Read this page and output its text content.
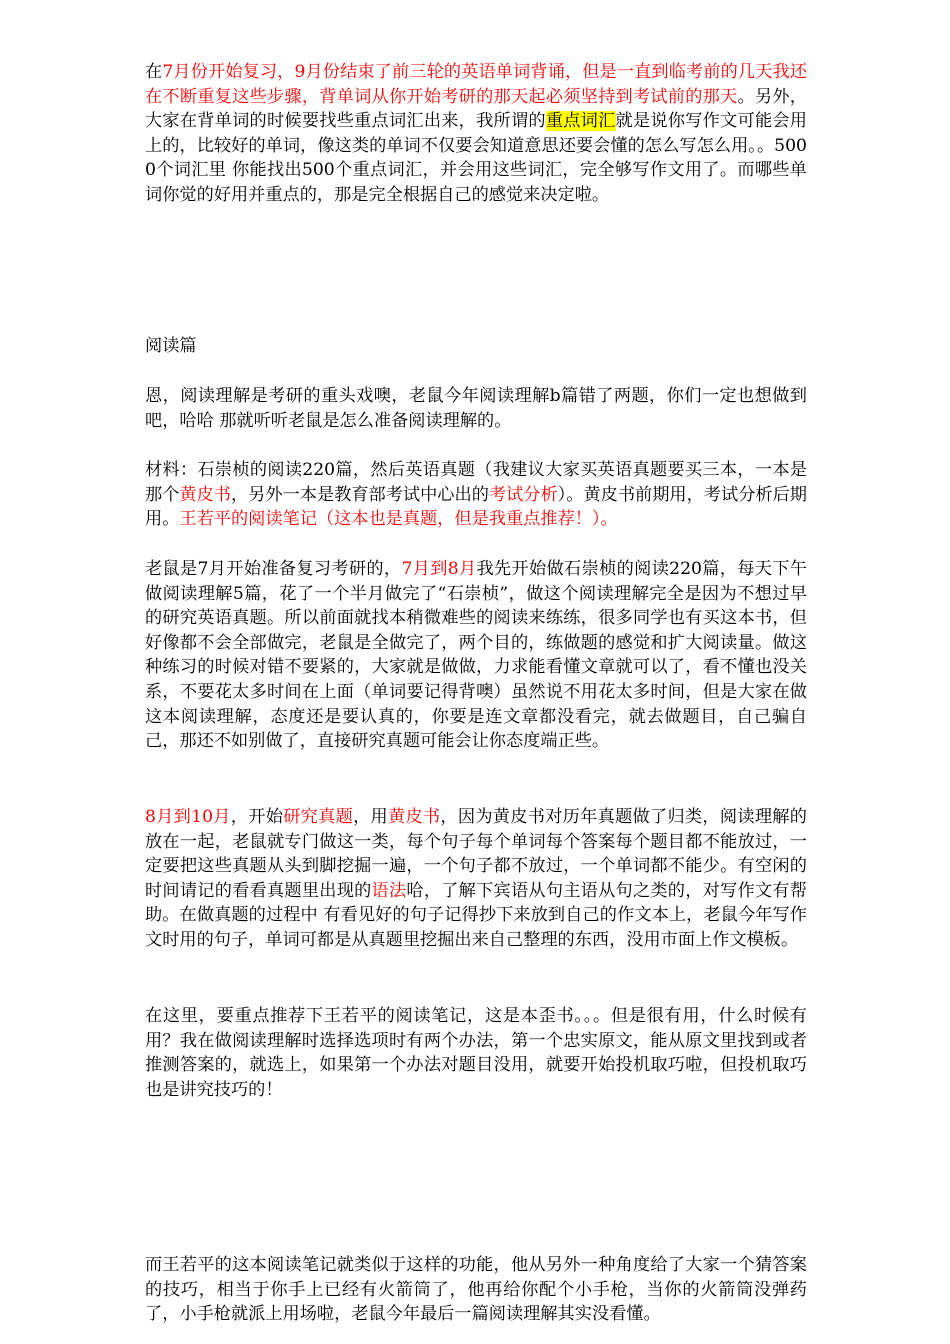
在7月份开始复习，9月份结束了前三轮的英语单词背诵，但是一直到临考前的几天我还在不断重复这些步骤，背单词从你开始考研的那天起必须坚持到考试前的那天。另外，大家在背单词的时候要找些重点词汇出来，我所谓的重点词汇就是说你写作文可能会用上的，比较好的单词，像这类的单词不仅要会知道意思还要会懂的怎么写怎么用。。5000个词汇里 你能找出500个重点词汇，并会用这些词汇，完全够写作文用了。而哪些单词你觉的好用并重点的，那是完全根据自己的感觉来决定啦。

阅读篇

恩，阅读理解是考研的重头戏噢，老鼠今年阅读理解b篇错了两题，你们一定也想做到吧，哈哈 那就听听老鼠是怎么准备阅读理解的。

材料：石崇桢的阅读220篇，然后英语真题（我建议大家买英语真题要买三本，一本是那个黄皮书，另外一本是教育部考试中心出的考试分析）。黄皮书前期用，考试分析后期用。王若平的阅读笔记（这本也是真题，但是我重点推荐！）。

老鼠是7月开始准备复习考研的，7月到8月我先开始做石崇桢的阅读220篇，每天下午做阅读理解5篇，花了一个半月做完了“石崇桢”，做这个阅读理解完全是因为不想过早的研究英语真题。所以前面就找本稍微难些的阅读来练练，很多同学也有买这本书，但好像都不会全部做完，老鼠是全做完了，两个目的，练做题的感觉和扩大阅读量。做这种练习的时候对错不要紧的，大家就是做做，力求能看懂文章就可以了，看不懂也没关系，不要花太多时间在上面（单词要记得背噢）虽然说不用花太多时间，但是大家在做这本阅读理解，态度还是要认真的，你要是连文章都没看完，就去做题目，自己骗自己，那还不如别做了，直接研究真题可能会让你态度端正些。

8月到10月，开始研究真题，用黄皮书，因为黄皮书对历年真题做了归类，阅读理解的放在一起，老鼠就专门做这一类，每个句子每个单词每个答案每个题目都不能放过，一定要把这些真题从头到脚挖掘一遍，一个句子都不放过，一个单词都不能少。有空闲的时间请记的看看真题里出现的语法哈，了解下宾语从句主语从句之类的，对写作文有帮助。在做真题的过程中 有看见好的句子记得抄下来放到自己的作文本上，老鼠今年写作文时用的句子，单词可都是从真题里挖掘出来自己整理的东西，没用市面上作文模板。

在这里，要重点推荐下王若平的阅读笔记，这是本歪书。。。但是很有用，什么时候有用？我在做阅读理解时选择选项时有两个办法，第一个忠实原文，能从原文里找到或者推测答案的，就选上，如果第一个办法对题目没用，就要开始投机取巧啦，但投机取巧也是讲究技巧的！

而王若平的这本阅读笔记就类似于这样的功能，他从另外一种角度给了大家一个猜答案的技巧，相当于你手上已经有火箭筒了，他再给你配个小手枪，当你的火箭筒没弹药了，小手枪就派上用场啦，老鼠今年最后一篇阅读理解其实没看懂。
